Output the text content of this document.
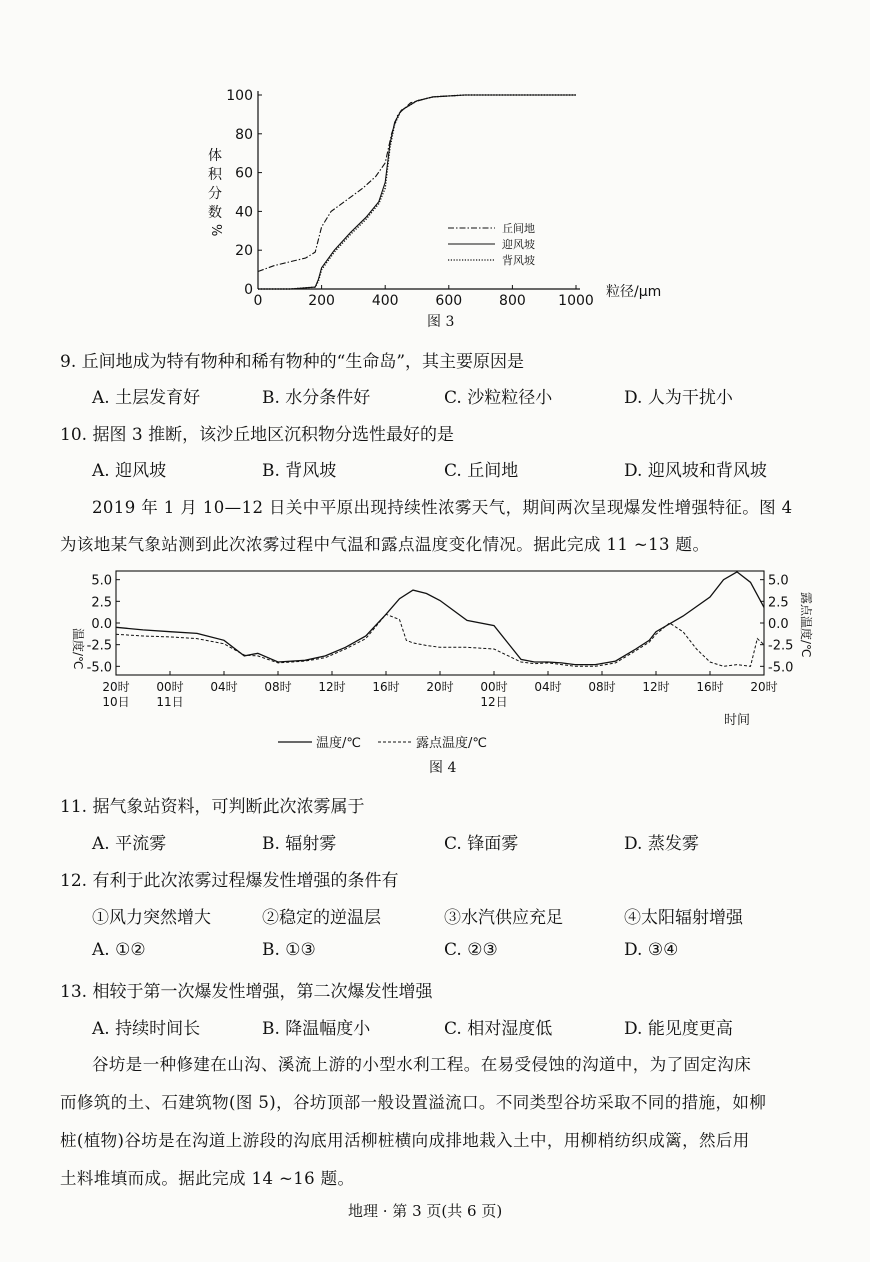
0	200	400	600	800 1000
0
20
40
60
80
100
体
积
分
数
%
粒径/μm
丘间地
迎风坡
背风坡
图 3
9. 丘间地成为特有物种和稀有物种的“生命岛”，其主要原因是
A. 土层发育好	B. 水分条件好	C. 沙粒粒径小	D. 人为干扰小
10. 据图 3 推断，该沙丘地区沉积物分选性最好的是
A. 迎风坡	B. 背风坡	C. 丘间地	D. 迎风坡和背风坡
2019 年 1 月 10—12 日关中平原出现持续性浓雾天气，期间两次呈现爆发性增强特征。图 4
为该地某气象站测到此次浓雾过程中气温和露点温度变化情况。据此完成 11 ~13 题。
5.0	5.0
2.5	2.5
0.0	0.0
-2.5	-2.5
-5.0	-5.0
20时
10日
00时
11日
04时 08时 12时 16时 20时 00时
12日
04时 08时 12时 16时 20时
温度/℃	露点温度/℃
时间
温度/℃	露点温度/℃
图 4
11. 据气象站资料，可判断此次浓雾属于
A. 平流雾	B. 辐射雾	C. 锋面雾	D. 蒸发雾
12. 有利于此次浓雾过程爆发性增强的条件有
①风力突然增大	②稳定的逆温层	③水汽供应充足	④太阳辐射增强
A. ①②	B. ①③	C. ②③	D. ③④
13. 相较于第一次爆发性增强，第二次爆发性增强
A. 持续时间长	B. 降温幅度小	C. 相对湿度低	D. 能见度更高
谷坊是一种修建在山沟、溪流上游的小型水利工程。在易受侵蚀的沟道中，为了固定沟床
而修筑的土、石建筑物(图 5)，谷坊顶部一般设置溢流口。不同类型谷坊采取不同的措施，如柳
桩(植物)谷坊是在沟道上游段的沟底用活柳桩横向成排地栽入土中，用柳梢纺织成篱，然后用
土料堆填而成。据此完成 14 ~16 题。
地理 · 第 3 页(共 6 页)
